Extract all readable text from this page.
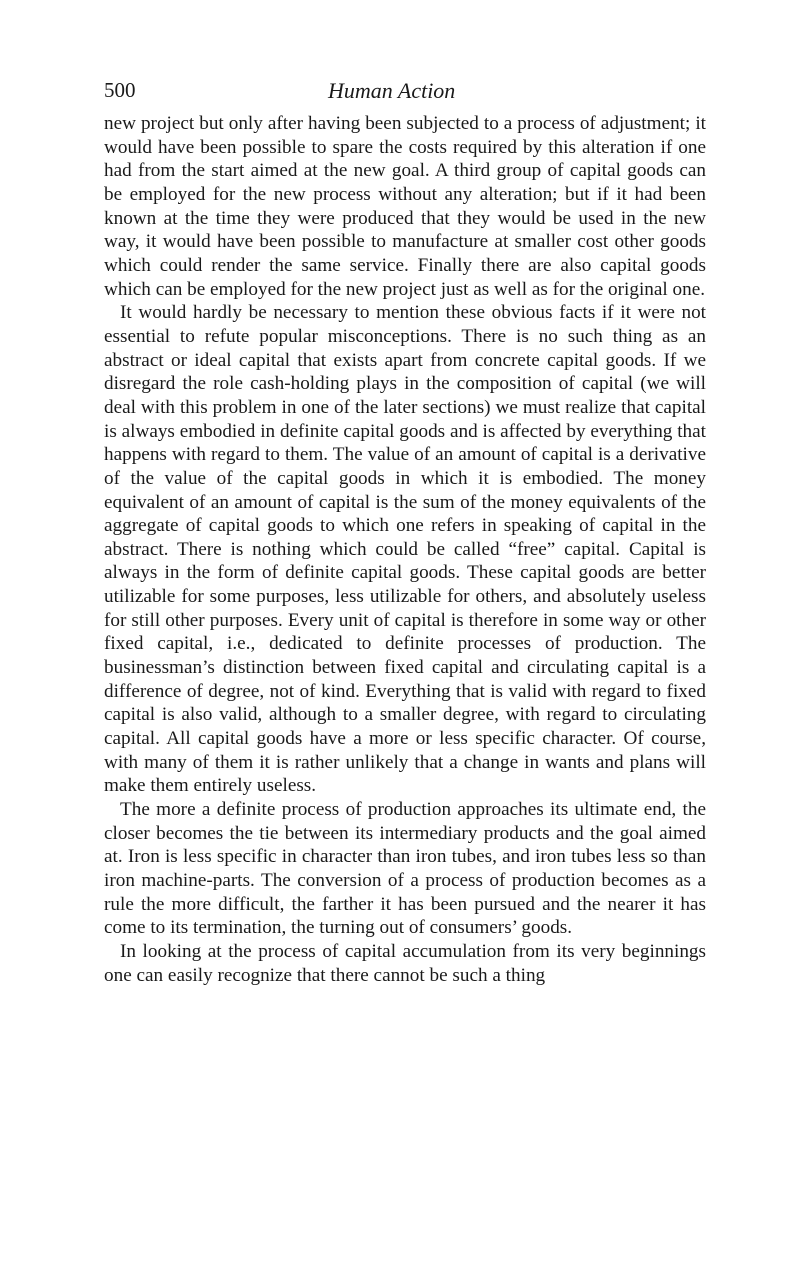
500	Human Action

new project but only after having been subjected to a process of adjustment; it would have been possible to spare the costs required by this alteration if one had from the start aimed at the new goal. A third group of capital goods can be employed for the new process without any alteration; but if it had been known at the time they were produced that they would be used in the new way, it would have been possible to manufacture at smaller cost other goods which could render the same service. Finally there are also capital goods which can be employed for the new project just as well as for the original one.

It would hardly be necessary to mention these obvious facts if it were not essential to refute popular misconceptions. There is no such thing as an abstract or ideal capital that exists apart from concrete capital goods. If we disregard the role cash-holding plays in the composition of capital (we will deal with this problem in one of the later sections) we must realize that capital is always embodied in definite capital goods and is affected by everything that happens with regard to them. The value of an amount of capital is a derivative of the value of the capital goods in which it is embodied. The money equivalent of an amount of capital is the sum of the money equivalents of the aggregate of capital goods to which one refers in speaking of capital in the abstract. There is nothing which could be called “free” capital. Capital is always in the form of definite capital goods. These capital goods are better utilizable for some purposes, less utilizable for others, and absolutely useless for still other purposes. Every unit of capital is therefore in some way or other fixed capital, i.e., dedicated to definite processes of production. The businessman’s distinction between fixed capital and circulating capital is a difference of degree, not of kind. Everything that is valid with regard to fixed capital is also valid, although to a smaller degree, with regard to circulating capital. All capital goods have a more or less specific character. Of course, with many of them it is rather unlikely that a change in wants and plans will make them entirely useless.

The more a definite process of production approaches its ultimate end, the closer becomes the tie between its intermediary products and the goal aimed at. Iron is less specific in character than iron tubes, and iron tubes less so than iron machine-parts. The conversion of a process of production becomes as a rule the more difficult, the farther it has been pursued and the nearer it has come to its termination, the turning out of consumers’ goods.

In looking at the process of capital accumulation from its very beginnings one can easily recognize that there cannot be such a thing
